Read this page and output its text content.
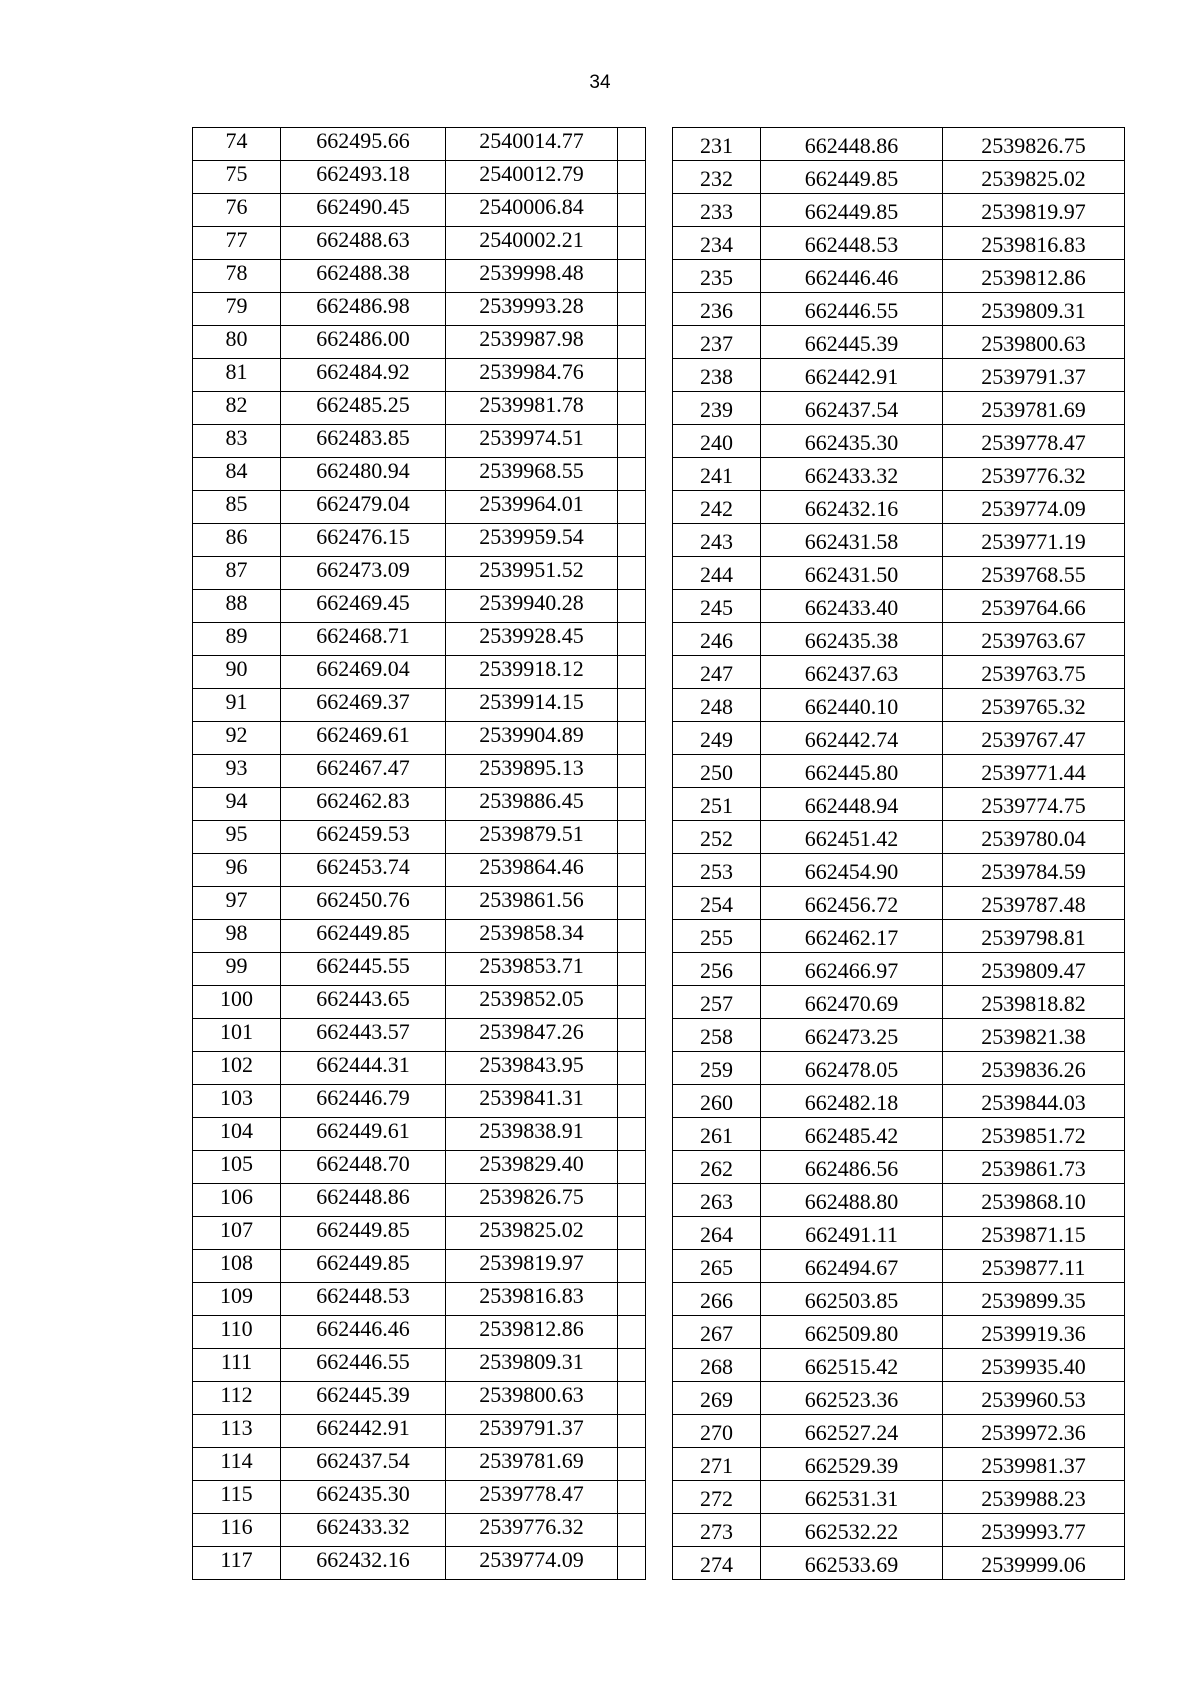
34
74	662495.66	2540014.77	
75	662493.18	2540012.79	
76	662490.45	2540006.84	
77	662488.63	2540002.21	
78	662488.38	2539998.48	
79	662486.98	2539993.28	
80	662486.00	2539987.98	
81	662484.92	2539984.76	
82	662485.25	2539981.78	
83	662483.85	2539974.51	
84	662480.94	2539968.55	
85	662479.04	2539964.01	
86	662476.15	2539959.54	
87	662473.09	2539951.52	
88	662469.45	2539940.28	
89	662468.71	2539928.45	
90	662469.04	2539918.12	
91	662469.37	2539914.15	
92	662469.61	2539904.89	
93	662467.47	2539895.13	
94	662462.83	2539886.45	
95	662459.53	2539879.51	
96	662453.74	2539864.46	
97	662450.76	2539861.56	
98	662449.85	2539858.34	
99	662445.55	2539853.71	
100	662443.65	2539852.05	
101	662443.57	2539847.26	
102	662444.31	2539843.95	
103	662446.79	2539841.31	
104	662449.61	2539838.91	
105	662448.70	2539829.40	
106	662448.86	2539826.75	
107	662449.85	2539825.02	
108	662449.85	2539819.97	
109	662448.53	2539816.83	
110	662446.46	2539812.86	
111	662446.55	2539809.31	
112	662445.39	2539800.63	
113	662442.91	2539791.37	
114	662437.54	2539781.69	
115	662435.30	2539778.47	
116	662433.32	2539776.32	
117	662432.16	2539774.09	
231	662448.86	2539826.75
232	662449.85	2539825.02
233	662449.85	2539819.97
234	662448.53	2539816.83
235	662446.46	2539812.86
236	662446.55	2539809.31
237	662445.39	2539800.63
238	662442.91	2539791.37
239	662437.54	2539781.69
240	662435.30	2539778.47
241	662433.32	2539776.32
242	662432.16	2539774.09
243	662431.58	2539771.19
244	662431.50	2539768.55
245	662433.40	2539764.66
246	662435.38	2539763.67
247	662437.63	2539763.75
248	662440.10	2539765.32
249	662442.74	2539767.47
250	662445.80	2539771.44
251	662448.94	2539774.75
252	662451.42	2539780.04
253	662454.90	2539784.59
254	662456.72	2539787.48
255	662462.17	2539798.81
256	662466.97	2539809.47
257	662470.69	2539818.82
258	662473.25	2539821.38
259	662478.05	2539836.26
260	662482.18	2539844.03
261	662485.42	2539851.72
262	662486.56	2539861.73
263	662488.80	2539868.10
264	662491.11	2539871.15
265	662494.67	2539877.11
266	662503.85	2539899.35
267	662509.80	2539919.36
268	662515.42	2539935.40
269	662523.36	2539960.53
270	662527.24	2539972.36
271	662529.39	2539981.37
272	662531.31	2539988.23
273	662532.22	2539993.77
274	662533.69	2539999.06
